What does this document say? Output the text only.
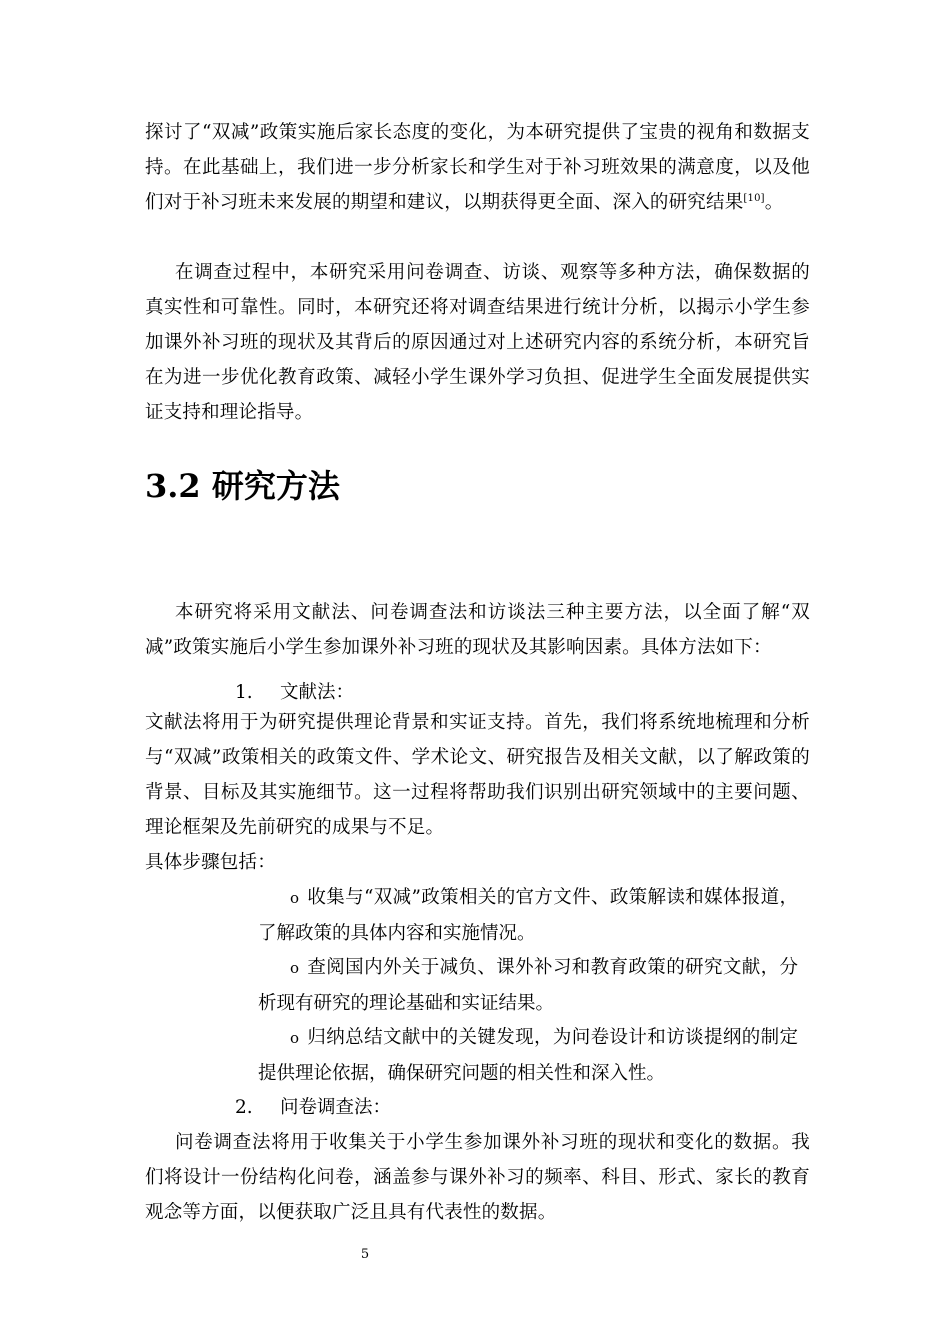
探讨了“双减”政策实施后家长态度的变化，为本研究提供了宝贵的视角和数据支持。在此基础上，我们进一步分析家长和学生对于补习班效果的满意度，以及他们对于补习班未来发展的期望和建议，以期获得更全面、深入的研究结果[10]。

在调查过程中，本研究采用问卷调查、访谈、观察等多种方法，确保数据的真实性和可靠性。同时，本研究还将对调查结果进行统计分析，以揭示小学生参加课外补习班的现状及其背后的原因通过对上述研究内容的系统分析，本研究旨在为进一步优化教育政策、减轻小学生课外学习负担、促进学生全面发展提供实证支持和理论指导。

3.2 研究方法

本研究将采用文献法、问卷调查法和访谈法三种主要方法，以全面了解“双减”政策实施后小学生参加课外补习班的现状及其影响因素。具体方法如下：

1. 文献法：

文献法将用于为研究提供理论背景和实证支持。首先，我们将系统地梳理和分析与“双减”政策相关的政策文件、学术论文、研究报告及相关文献，以了解政策的背景、目标及其实施细节。这一过程将帮助我们识别出研究领域中的主要问题、理论框架及先前研究的成果与不足。

具体步骤包括：

o 收集与“双减”政策相关的官方文件、政策解读和媒体报道，了解政策的具体内容和实施情况。

o 查阅国内外关于减负、课外补习和教育政策的研究文献，分析现有研究的理论基础和实证结果。

o 归纳总结文献中的关键发现，为问卷设计和访谈提纲的制定提供理论依据，确保研究问题的相关性和深入性。

2. 问卷调查法：

问卷调查法将用于收集关于小学生参加课外补习班的现状和变化的数据。我们将设计一份结构化问卷，涵盖参与课外补习的频率、科目、形式、家长的教育观念等方面，以便获取广泛且具有代表性的数据。

5
